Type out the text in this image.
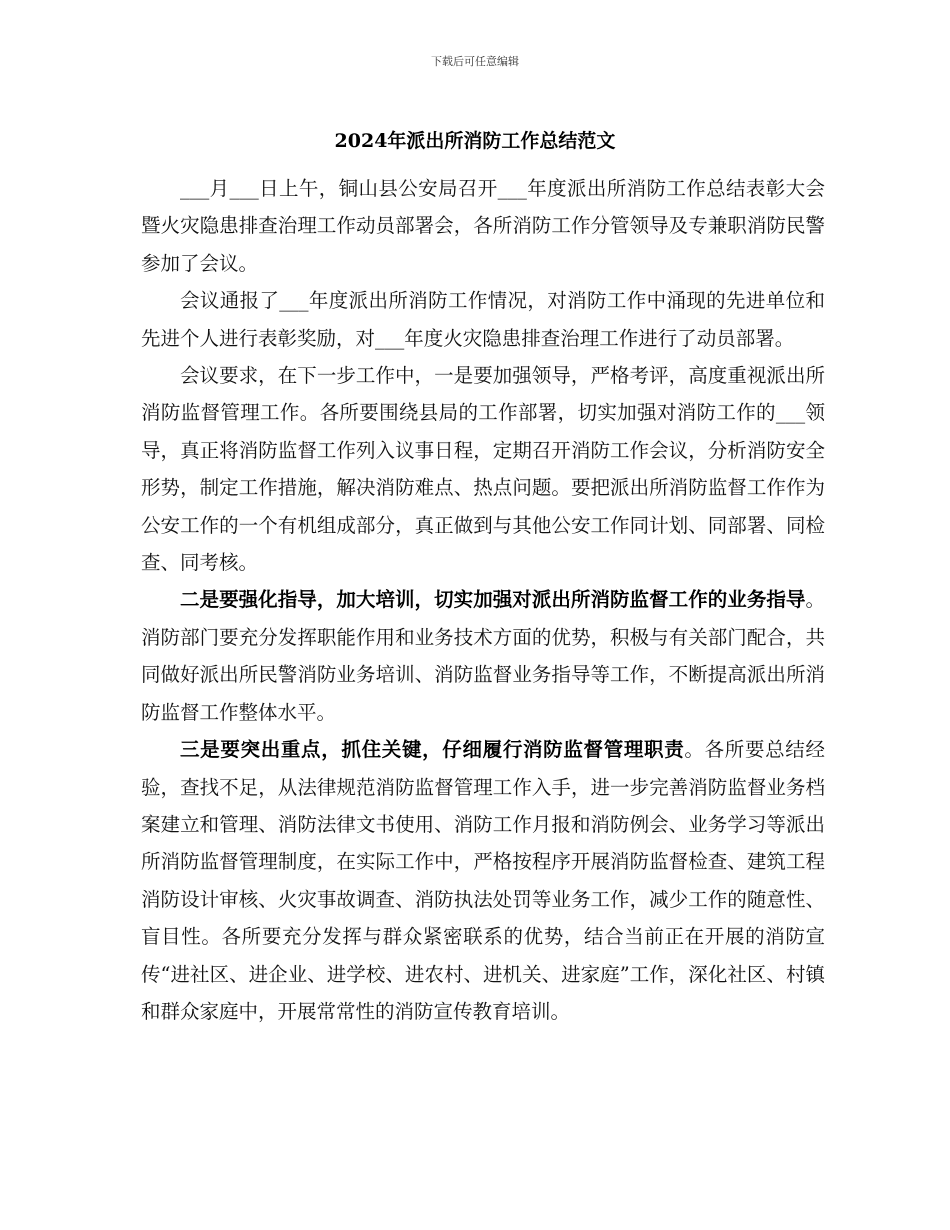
下载后可任意编辑
2024年派出所消防工作总结范文

___月___日上午，铜山县公安局召开___年度派出所消防工作总结表彰大会暨火灾隐患排查治理工作动员部署会，各所消防工作分管领导及专兼职消防民警参加了会议。

会议通报了___年度派出所消防工作情况，对消防工作中涌现的先进单位和先进个人进行表彰奖励，对___年度火灾隐患排查治理工作进行了动员部署。

会议要求，在下一步工作中，一是要加强领导，严格考评，高度重视派出所消防监督管理工作。各所要围绕县局的工作部署，切实加强对消防工作的___领导，真正将消防监督工作列入议事日程，定期召开消防工作会议，分析消防安全形势，制定工作措施，解决消防难点、热点问题。要把派出所消防监督工作作为公安工作的一个有机组成部分，真正做到与其他公安工作同计划、同部署、同检查、同考核。

二是要强化指导，加大培训，切实加强对派出所消防监督工作的业务指导。消防部门要充分发挥职能作用和业务技术方面的优势，积极与有关部门配合，共同做好派出所民警消防业务培训、消防监督业务指导等工作，不断提高派出所消防监督工作整体水平。

三是要突出重点，抓住关键，仔细履行消防监督管理职责。各所要总结经验，查找不足，从法律规范消防监督管理工作入手，进一步完善消防监督业务档案建立和管理、消防法律文书使用、消防工作月报和消防例会、业务学习等派出所消防监督管理制度，在实际工作中，严格按程序开展消防监督检查、建筑工程消防设计审核、火灾事故调查、消防执法处罚等业务工作，减少工作的随意性、盲目性。各所要充分发挥与群众紧密联系的优势，结合当前正在开展的消防宣传“进社区、进企业、进学校、进农村、进机关、进家庭”工作，深化社区、村镇和群众家庭中，开展常常性的消防宣传教育培训。
